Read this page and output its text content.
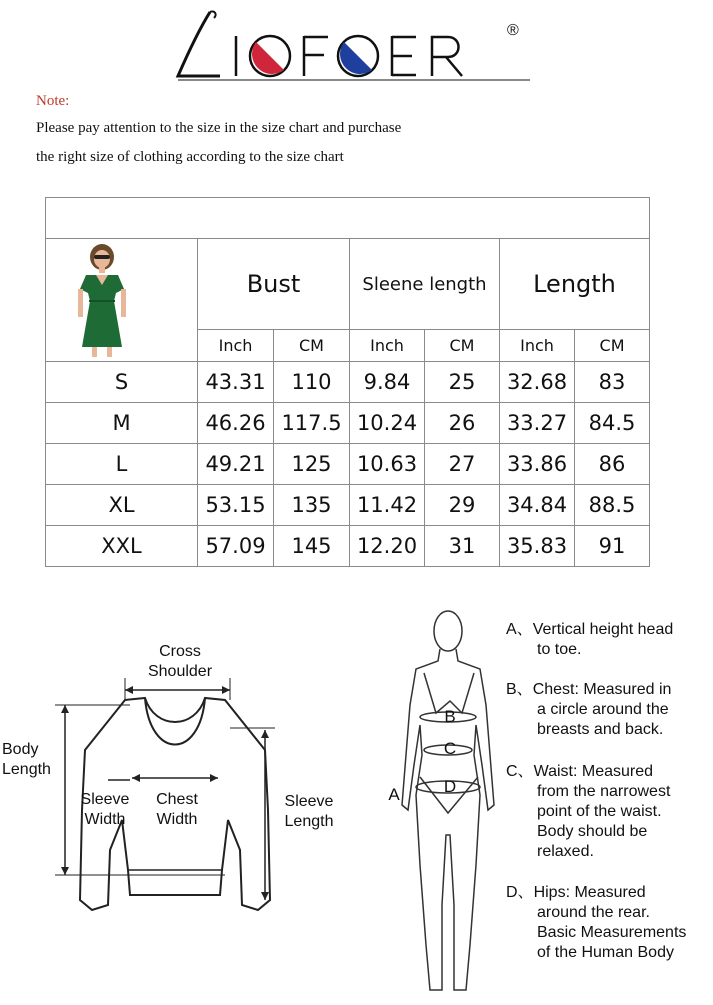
®
Note:
Please pay attention to the size in the size chart and purchase
the right size of clothing according to the size chart

	Bust		Sleene length		Length	
	Inch	CM	Inch	CM	Inch	CM
S	43.31	110	9.84	25	32.68	83
M	46.26	117.5	10.24	26	33.27	84.5
L	49.21	125	10.63	27	33.86	86
XL	53.15	135	11.42	29	34.84	88.5
XXL	57.09	145	12.20	31	35.83	91
Cross
Shoulder
Body
Length
Sleeve
Width
Chest
Width
Sleeve
Length
B
C
D
A
A、Vertical height head
to toe.
B、Chest: Measured in
a circle around the
breasts and back.
C、Waist: Measured
from the narrowest
point of the waist.
Body should be
relaxed.
D、Hips: Measured
around the rear.
Basic Measurements
of the Human Body
